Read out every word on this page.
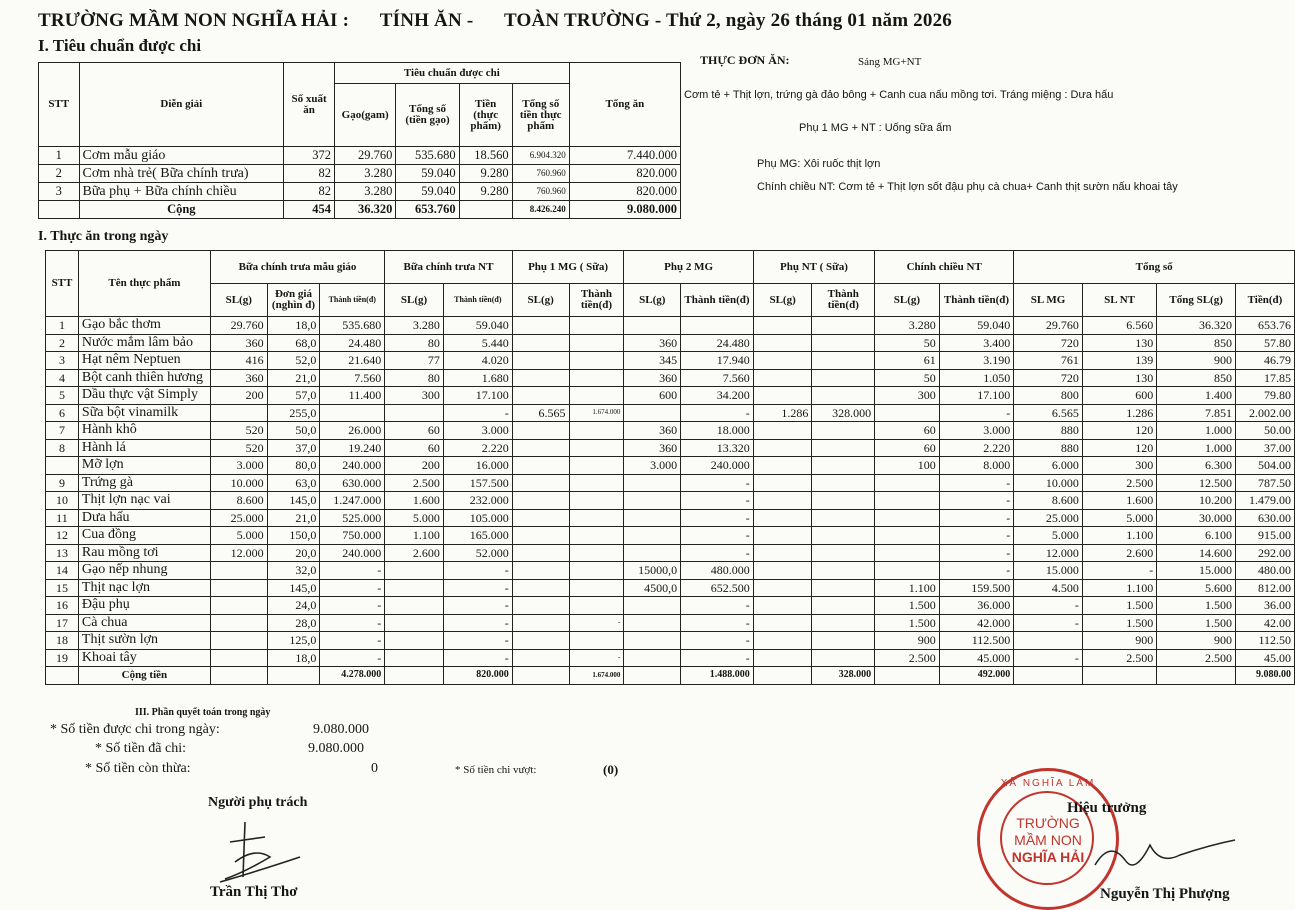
TRƯỜNG MẦM NON NGHĨA HẢI : TÍNH ĂN - TOÀN TRƯỜNG - Thứ 2, ngày 26 tháng 01 năm 2026
I. Tiêu chuẩn được chi
THỰC ĐƠN ĂN:	Sáng MG+NT
Cơm tẻ + Thịt lợn, trứng gà đảo bông + Canh cua nấu mồng tơi. Tráng miệng : Dưa hấu
Phụ 1 MG + NT : Uống sữa ấm
Phụ MG: Xôi ruốc thịt lợn
Chính chiều NT: Cơm tẻ + Thịt lợn sốt đậu phụ cà chua+ Canh thịt sườn nấu khoai tây
STT	Diễn giải	Số xuất ăn	Tiêu chuẩn được chi				Tổng ăn
			Gạo(gam)	Tổng số (tiền gạo)	Tiền (thực phẩm)	Tổng số tiền thực phẩm	
1	Cơm mẫu giáo	372	29.760	535.680	18.560	6.904.320	7.440.000
2	Cơm nhà trẻ( Bữa chính trưa)	82	3.280	59.040	9.280	760.960	820.000
3	Bữa phụ + Bữa chính chiều	82	3.280	59.040	9.280	760.960	820.000
	Cộng	454	36.320	653.760		8.426.240	9.080.000
I. Thực ăn trong ngày
STT	Tên thực phẩm	Bữa chính trưa mẫu giáo			Bữa chính trưa NT		Phụ 1 MG ( Sữa)		Phụ 2 MG		Phụ NT ( Sữa)		Chính chiều NT		Tổng số			
		SL(g)	Đơn giá (nghìn đ)	Thành tiền(đ)	SL(g)	Thành tiền(đ)	SL(g)	Thành tiền(đ)	SL(g)	Thành tiền(đ)	SL(g)	Thành tiền(đ)	SL(g)	Thành tiền(đ)	SL MG	SL NT	Tổng SL(g)	Tiền(đ)
1	Gạo bắc thơm	29.760	18,0	535.680	3.280	59.040							3.280	59.040	29.760	6.560	36.320	653.76
2	Nước mắm lâm bảo	360	68,0	24.480	80	5.440			360	24.480			50	3.400	720	130	850	57.80
3	Hạt nêm Neptuen	416	52,0	21.640	77	4.020			345	17.940			61	3.190	761	139	900	46.79
4	Bột canh thiên hương	360	21,0	7.560	80	1.680			360	7.560			50	1.050	720	130	850	17.85
5	Dầu thực vật Simply	200	57,0	11.400	300	17.100			600	34.200			300	17.100	800	600	1.400	79.80
6	Sữa bột vinamilk		255,0			-	6.565	1.674.000		-	1.286	328.000		-	6.565	1.286	7.851	2.002.00
7	Hành khô	520	50,0	26.000	60	3.000			360	18.000			60	3.000	880	120	1.000	50.00
8	Hành lá	520	37,0	19.240	60	2.220			360	13.320			60	2.220	880	120	1.000	37.00
	Mỡ lợn	3.000	80,0	240.000	200	16.000			3.000	240.000			100	8.000	6.000	300	6.300	504.00
9	Trứng gà	10.000	63,0	630.000	2.500	157.500				-				-	10.000	2.500	12.500	787.50
10	Thịt lợn nạc vai	8.600	145,0	1.247.000	1.600	232.000				-				-	8.600	1.600	10.200	1.479.00
11	Dưa hấu	25.000	21,0	525.000	5.000	105.000				-				-	25.000	5.000	30.000	630.00
12	Cua đồng	5.000	150,0	750.000	1.100	165.000				-				-	5.000	1.100	6.100	915.00
13	Rau mồng tơi	12.000	20,0	240.000	2.600	52.000				-				-	12.000	2.600	14.600	292.00
14	Gạo nếp nhung		32,0	-		-			15000,0	480.000				-	15.000	-	15.000	480.00
15	Thịt nạc lợn		145,0	-		-			4500,0	652.500			1.100	159.500	4.500	1.100	5.600	812.00
16	Đậu phụ		24,0	-		-				-			1.500	36.000	-	1.500	1.500	36.00
17	Cà chua		28,0	-		-		-		-			1.500	42.000	-	1.500	1.500	42.00
18	Thịt sườn lợn		125,0	-		-				-			900	112.500		900	900	112.50
19	Khoai tây		18,0	-		-		-		-			2.500	45.000	-	2.500	2.500	45.00
	Cộng tiền			4.278.000		820.000		1.674.000		1.488.000		328.000		492.000				9.080.00
III. Phần quyết toán trong ngày
* Số tiền được chi trong ngày:	9.080.000
* Số tiền đã chi:	9.080.000
* Số tiền còn thừa:	0	* Số tiền chi vượt:	(0)
Người phụ trách
Trần Thị Thơ
XÃ NGHĨA LÂM
TRƯỜNG
MẦM NON
NGHĨA HẢI
Hiệu trưởng
Nguyễn Thị Phượng
